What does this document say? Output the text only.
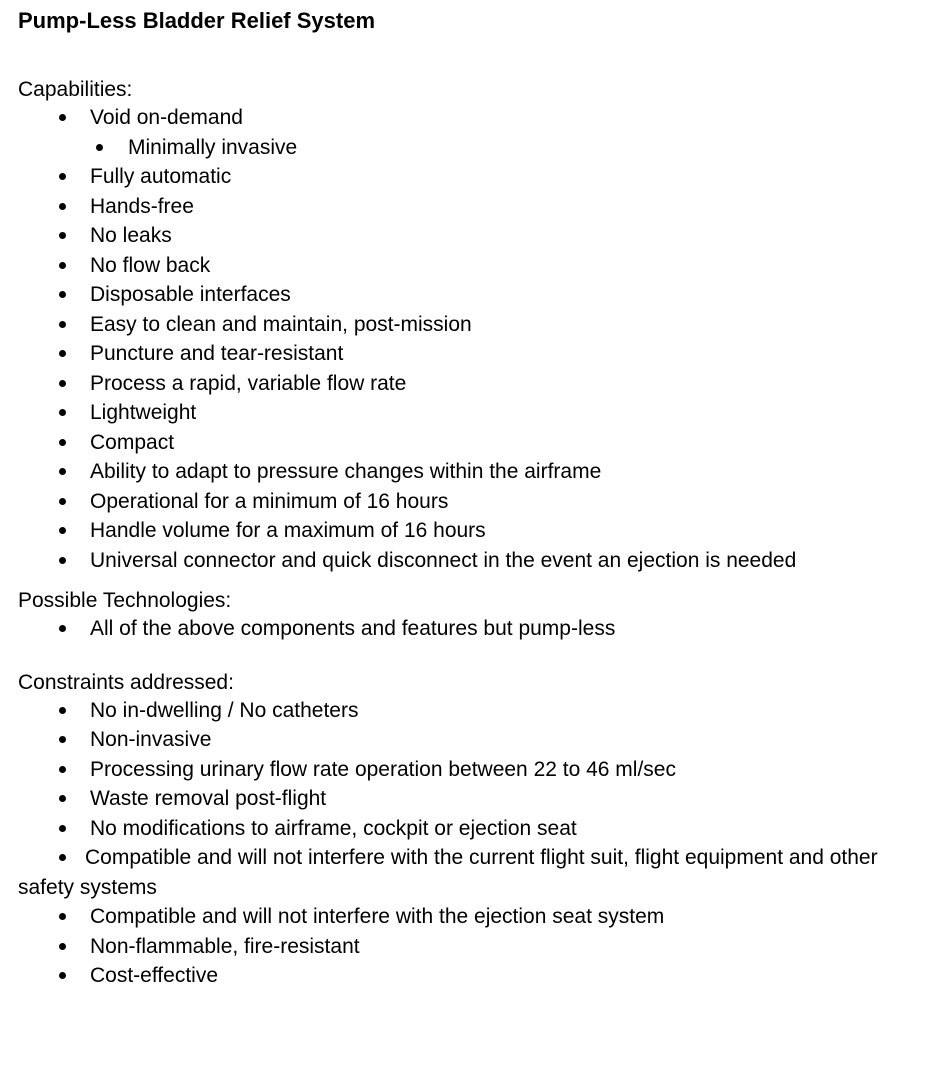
Pump-Less Bladder Relief System

Capabilities:

Void on-demand
Minimally invasive
Fully automatic
Hands-free
No leaks
No flow back
Disposable interfaces
Easy to clean and maintain, post-mission
Puncture and tear-resistant
Process a rapid, variable flow rate
Lightweight
Compact
Ability to adapt to pressure changes within the airframe
Operational for a minimum of 16 hours
Handle volume for a maximum of 16 hours
Universal connector and quick disconnect in the event an ejection is needed

Possible Technologies:

All of the above components and features but pump-less

Constraints addressed:

No in-dwelling / No catheters
Non-invasive
Processing urinary flow rate operation between 22 to 46 ml/sec
Waste removal post-flight
No modifications to airframe, cockpit or ejection seat
Compatible and will not interfere with the current flight suit, flight equipment and other safety systems
Compatible and will not interfere with the ejection seat system
Non-flammable, fire-resistant
Cost-effective
